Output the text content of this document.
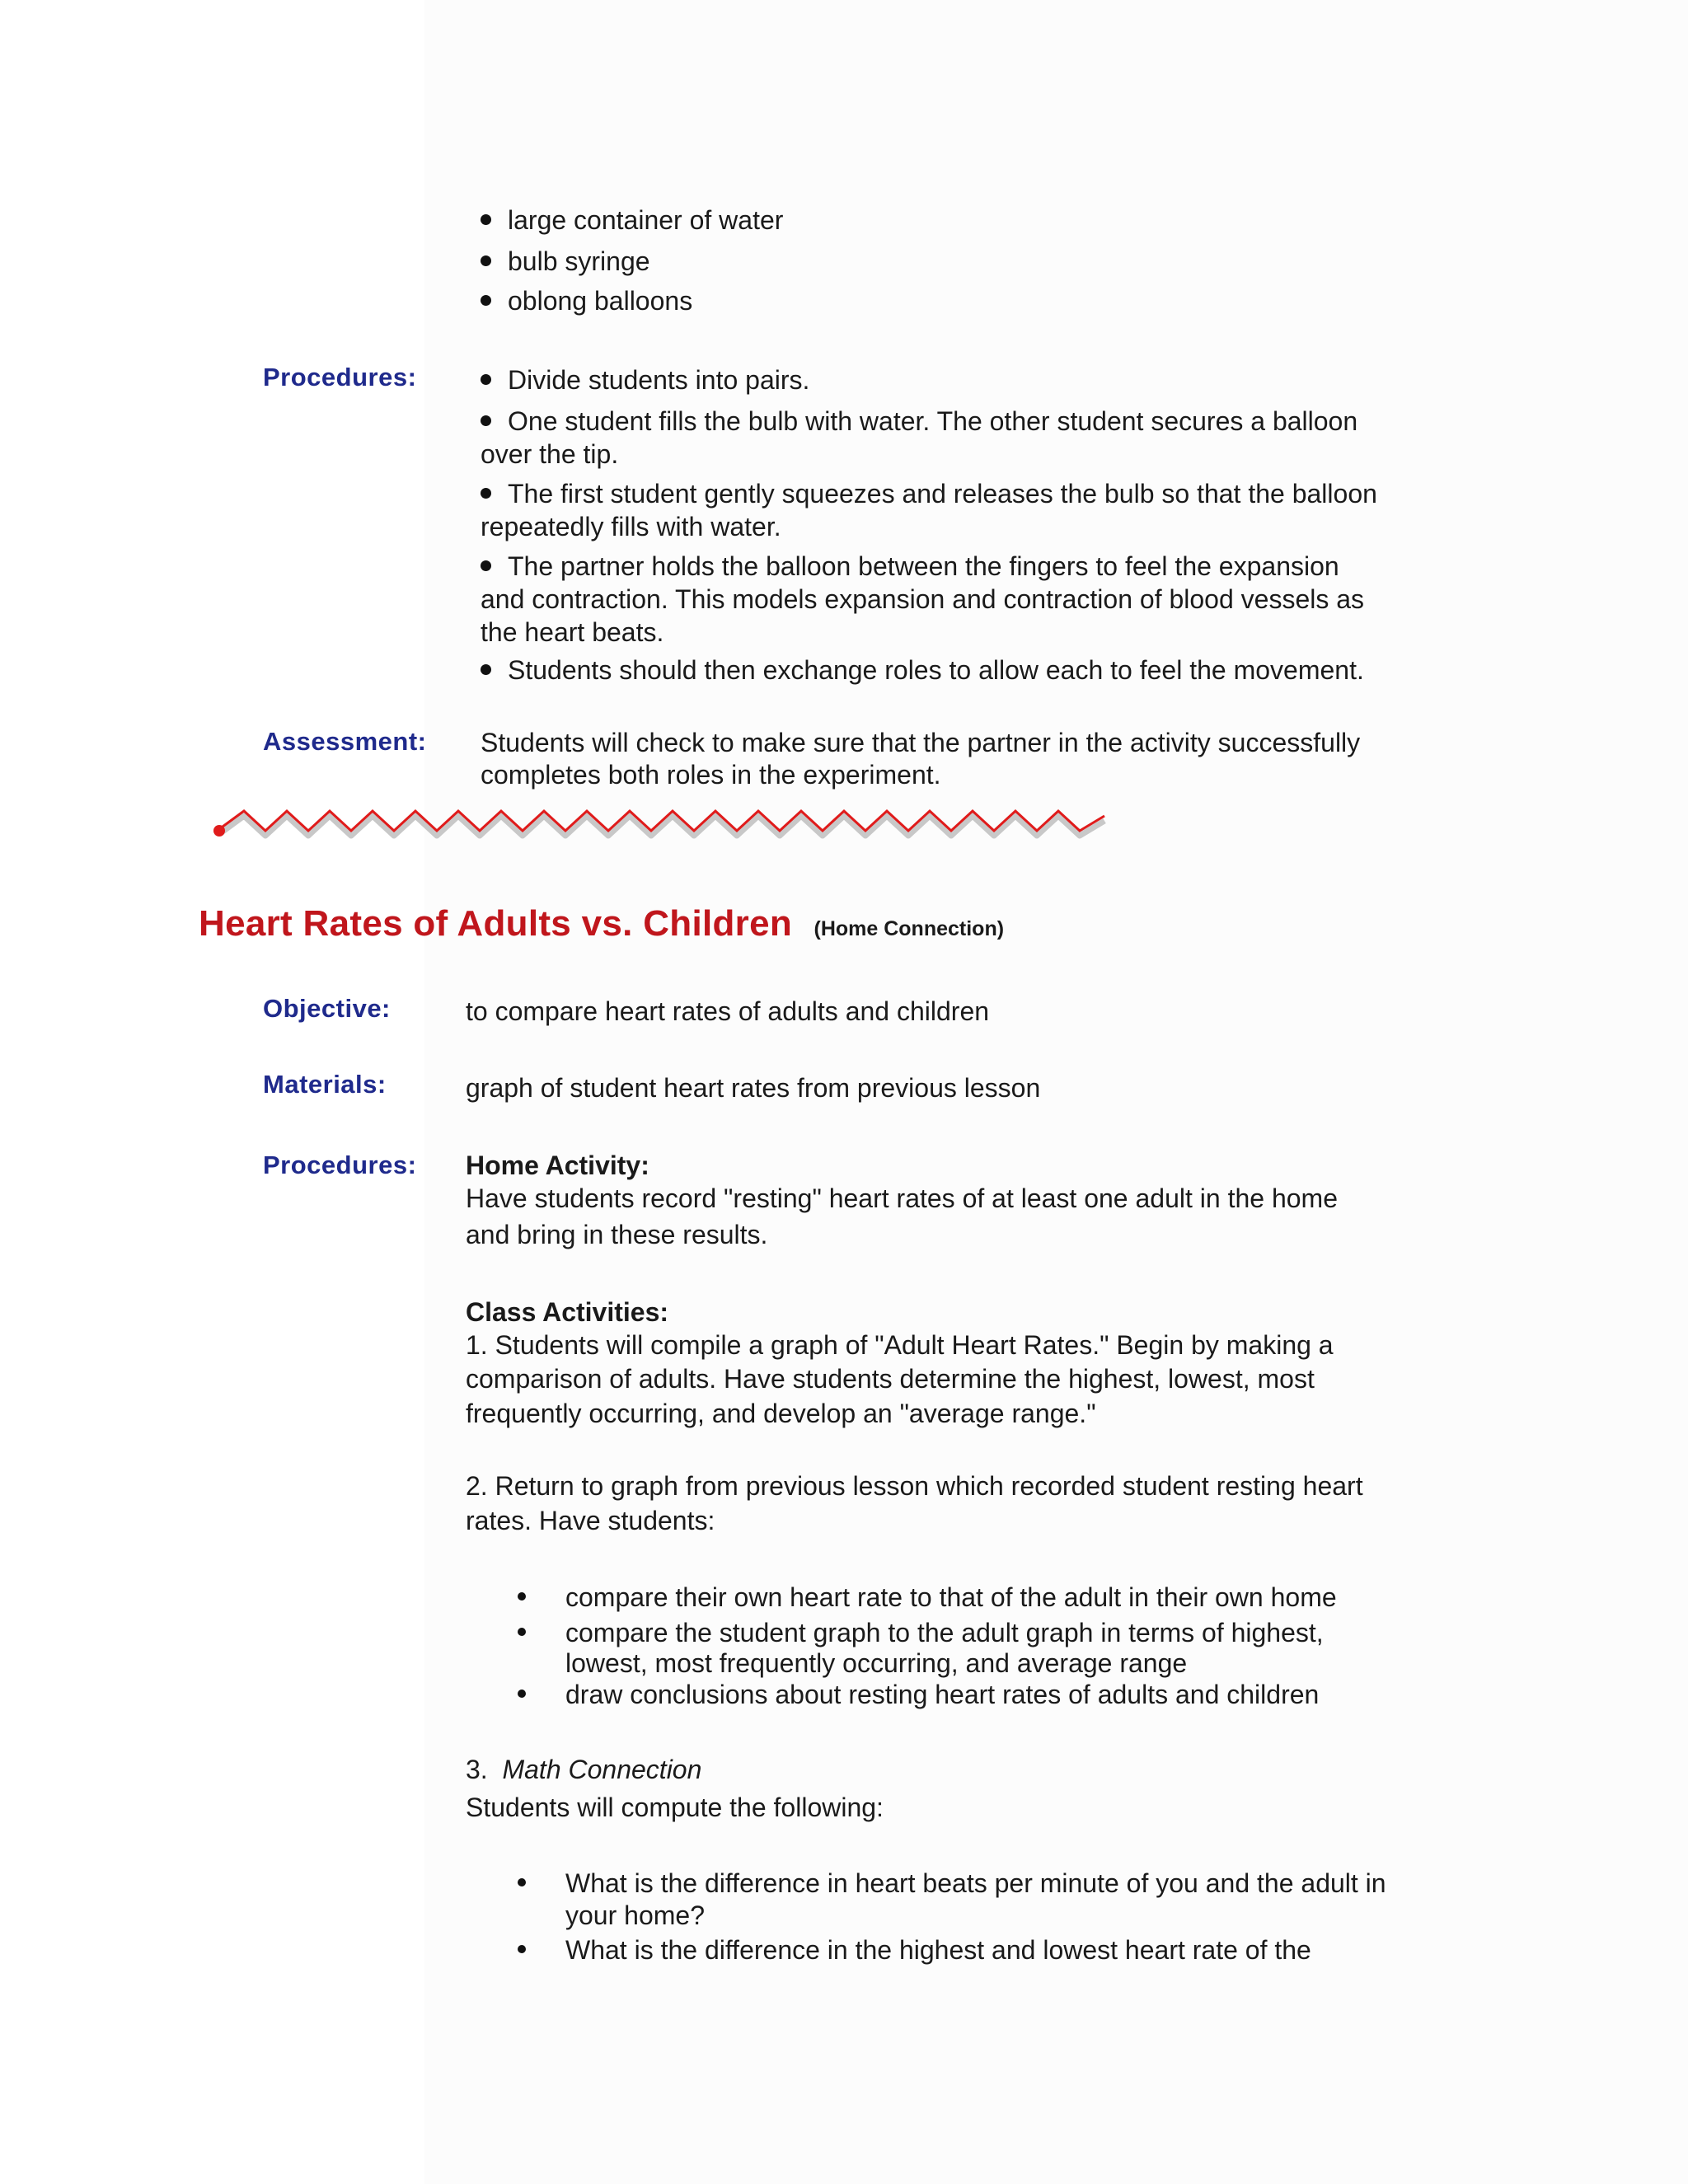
large container of water
bulb syringe
oblong balloons
Procedures:	Divide students into pairs.
One student fills the bulb with water. The other student secures a balloon
over the tip.
The first student gently squeezes and releases the bulb so that the balloon
repeatedly fills with water.
The partner holds the balloon between the fingers to feel the expansion
and contraction. This models expansion and contraction of blood vessels as
the heart beats.
Students should then exchange roles to allow each to feel the movement.
Assessment: Students will check to make sure that the partner in the activity successfully
completes both roles in the experiment.
Heart Rates of Adults vs. Children (Home Connection)
Objective:	to compare heart rates of adults and children
Materials:	graph of student heart rates from previous lesson
Procedures: Home Activity:
Have students record "resting" heart rates of at least one adult in the home
and bring in these results.
Class Activities:
1. Students will compile a graph of "Adult Heart Rates." Begin by making a
comparison of adults. Have students determine the highest, lowest, most
frequently occurring, and develop an "average range."
2. Return to graph from previous lesson which recorded student resting heart
rates. Have students:
compare their own heart rate to that of the adult in their own home
compare the student graph to the adult graph in terms of highest,
lowest, most frequently occurring, and average range
draw conclusions about resting heart rates of adults and children
3. Math Connection
Students will compute the following:
What is the difference in heart beats per minute of you and the adult in
your home?
What is the difference in the highest and lowest heart rate of the
